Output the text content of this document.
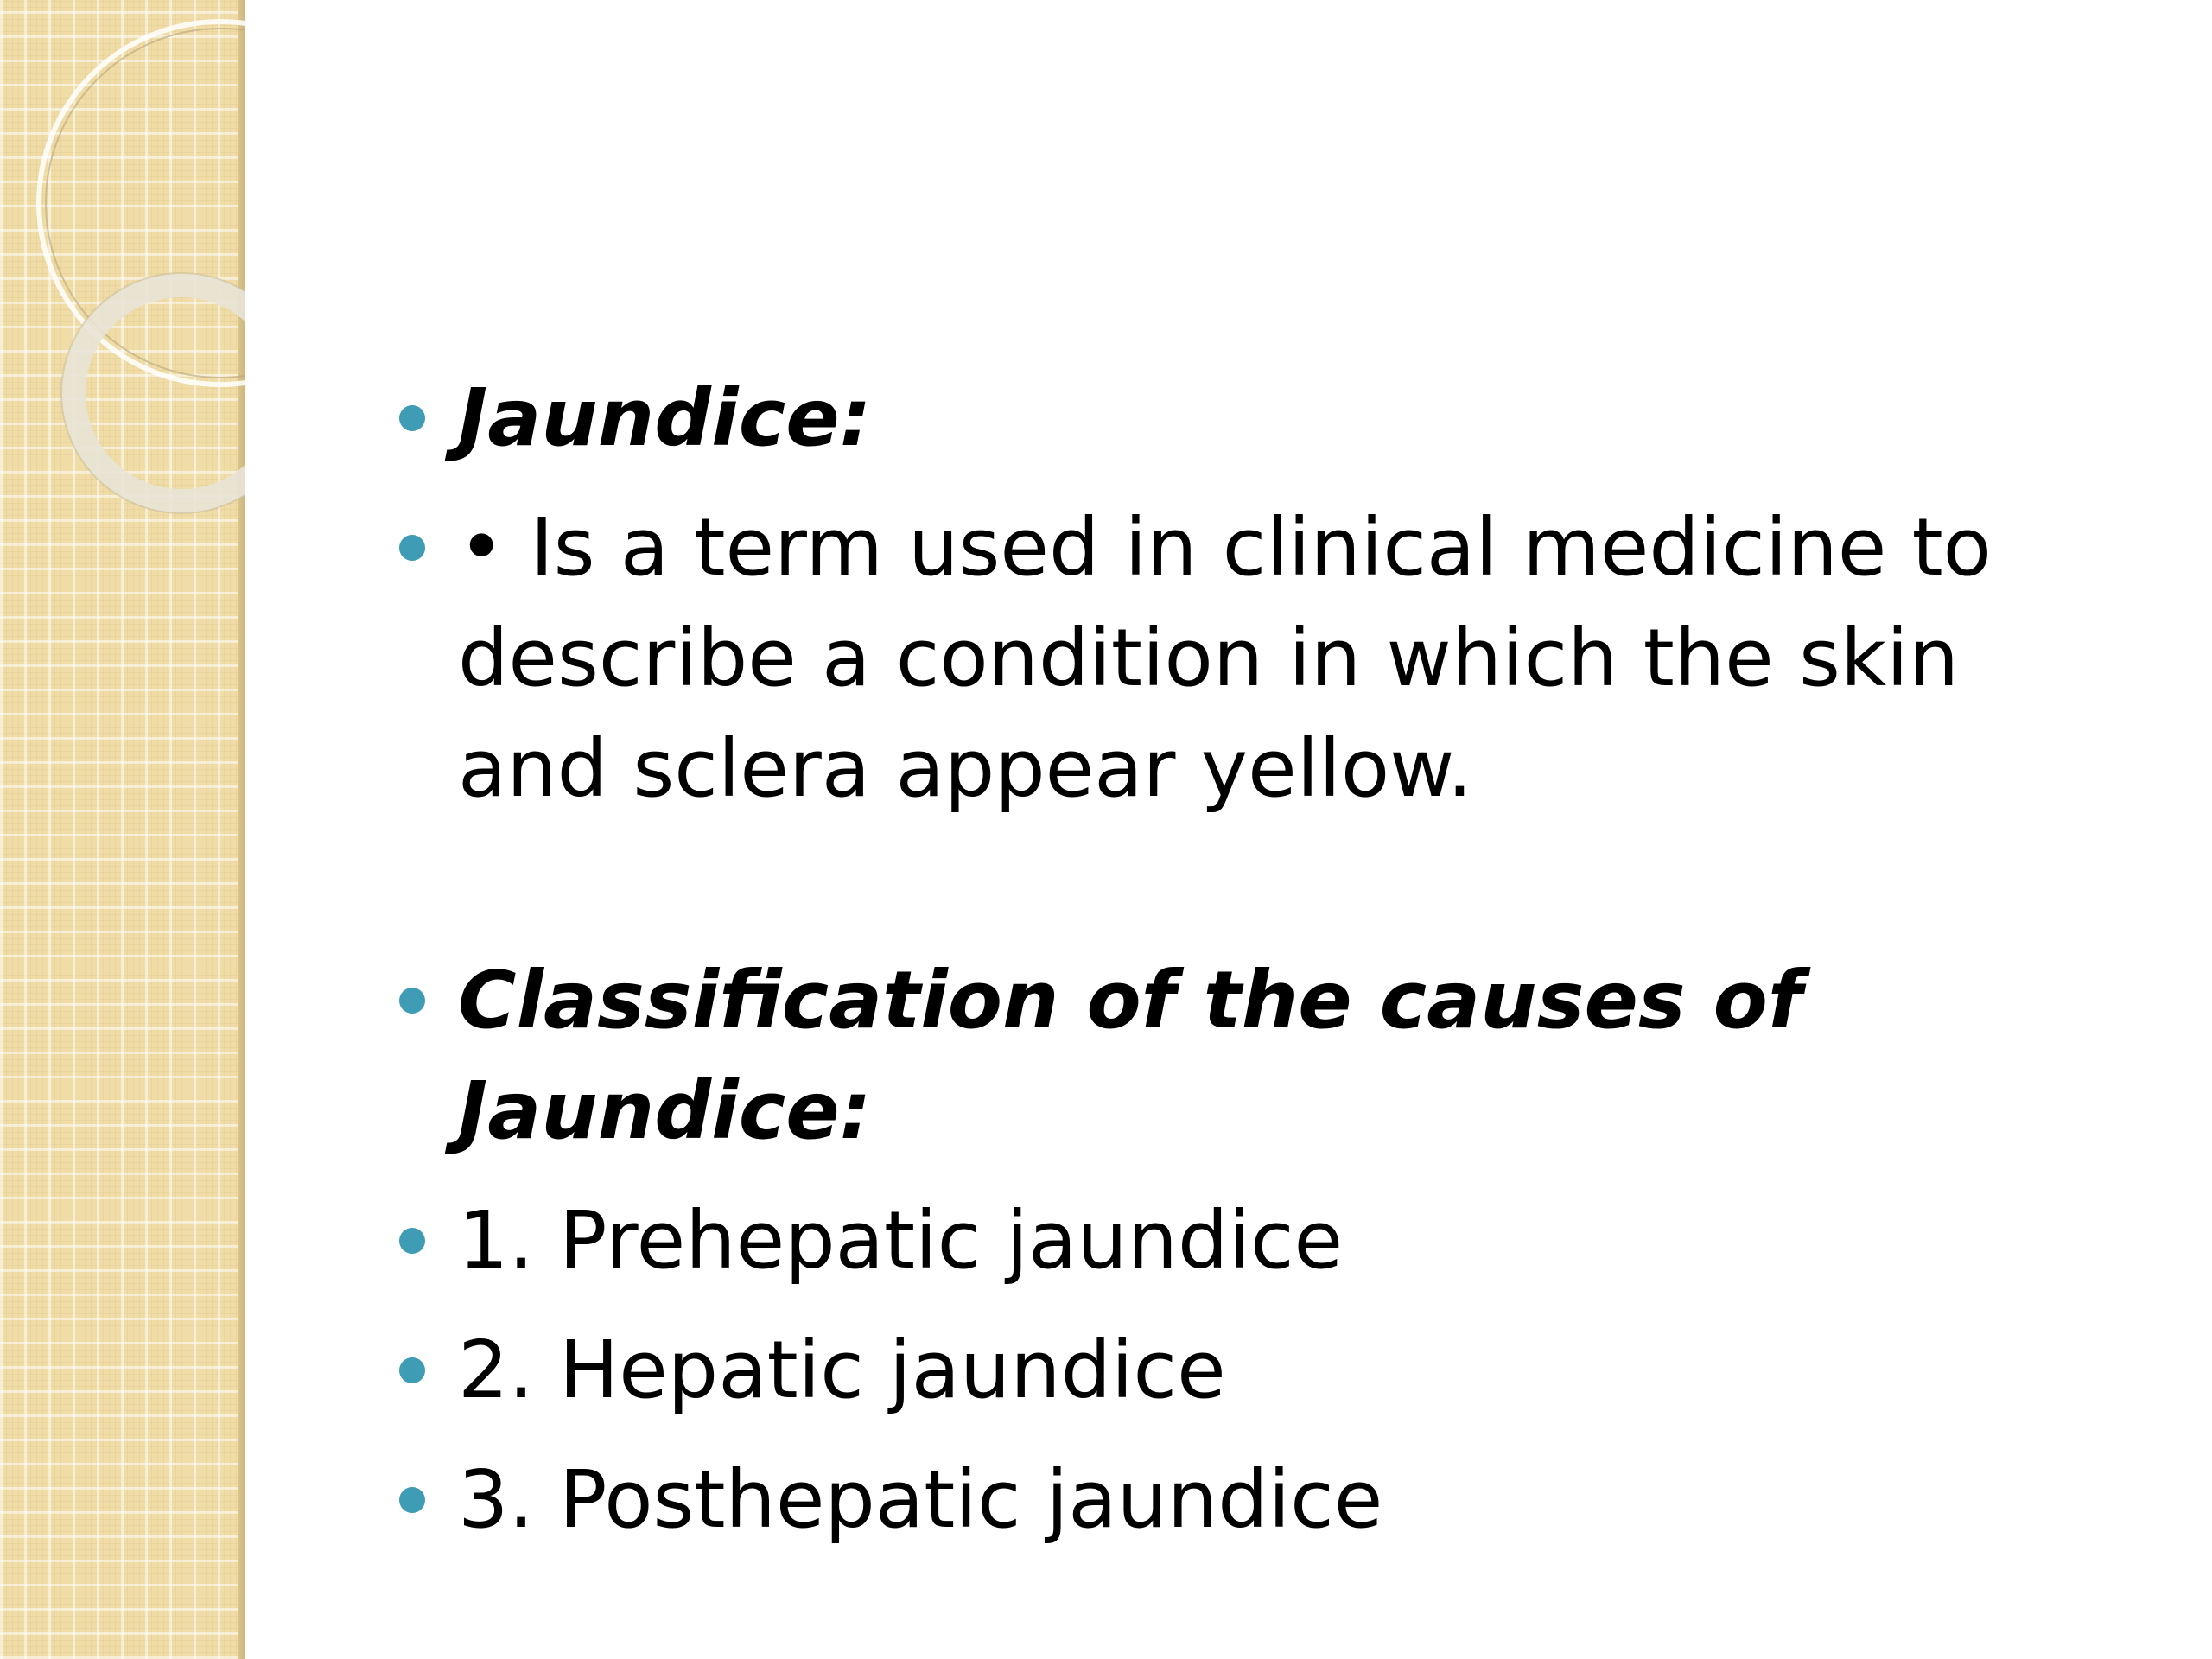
Jaundice:
• Is a term used in clinical medicine to describe a condition in which the skin and sclera appear yellow.
Classification of the causes of Jaundice:
1. Prehepatic jaundice
2. Hepatic jaundice
3. Posthepatic jaundice
